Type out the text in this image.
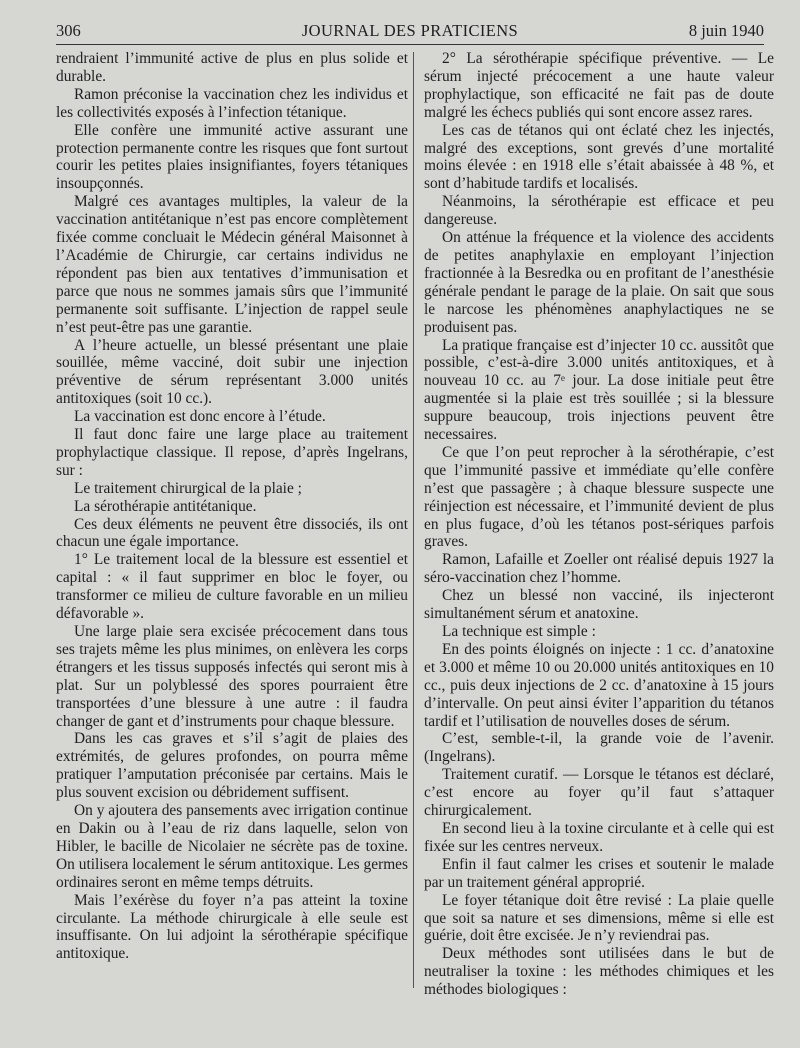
306	JOURNAL DES PRATICIENS	8 juin 1940

rendraient l’immunité active de plus en plus solide et durable.

Ramon préconise la vaccination chez les individus et les collectivités exposés à l’infection tétanique.

Elle confère une immunité active assurant une protection permanente contre les risques que font surtout courir les petites plaies insignifiantes, foyers tétaniques insoupçonnés.

Malgré ces avantages multiples, la valeur de la vaccination antitétanique n’est pas encore complètement fixée comme concluait le Médecin général Maisonnet à l’Académie de Chirurgie, car certains individus ne répondent pas bien aux tentatives d’immunisation et parce que nous ne sommes jamais sûrs que l’immunité permanente soit suffisante. L’injection de rappel seule n’est peut-être pas une garantie.

A l’heure actuelle, un blessé présentant une plaie souillée, même vacciné, doit subir une injection préventive de sérum représentant 3.000 unités antitoxiques (soit 10 cc.).

La vaccination est donc encore à l’étude.

Il faut donc faire une large place au traitement prophylactique classique. Il repose, d’après Ingelrans, sur :

Le traitement chirurgical de la plaie ;

La sérothérapie antitétanique.

Ces deux éléments ne peuvent être dissociés, ils ont chacun une égale importance.

1° Le traitement local de la blessure est essentiel et capital : « il faut supprimer en bloc le foyer, ou transformer ce milieu de culture favorable en un milieu défavorable ».

Une large plaie sera excisée précocement dans tous ses trajets même les plus minimes, on enlèvera les corps étrangers et les tissus supposés infectés qui seront mis à plat. Sur un polyblessé des spores pourraient être transportées d’une blessure à une autre : il faudra changer de gant et d’instruments pour chaque blessure.

Dans les cas graves et s’il s’agit de plaies des extrémités, de gelures profondes, on pourra même pratiquer l’amputation préconisée par certains. Mais le plus souvent excision ou débridement suffisent.

On y ajoutera des pansements avec irrigation continue en Dakin ou à l’eau de riz dans laquelle, selon von Hibler, le bacille de Nicolaier ne sécrète pas de toxine. On utilisera localement le sérum antitoxique. Les germes ordinaires seront en même temps détruits.

Mais l’exérèse du foyer n’a pas atteint la toxine circulante. La méthode chirurgicale à elle seule est insuffisante. On lui adjoint la sérothérapie spécifique antitoxique.

2° La sérothérapie spécifique préventive. — Le sérum injecté précocement a une haute valeur prophylactique, son efficacité ne fait pas de doute malgré les échecs publiés qui sont encore assez rares.

Les cas de tétanos qui ont éclaté chez les injectés, malgré des exceptions, sont grevés d’une mortalité moins élevée : en 1918 elle s’était abaissée à 48 %, et sont d’habitude tardifs et localisés.

Néanmoins, la sérothérapie est efficace et peu dangereuse.

On atténue la fréquence et la violence des accidents de petites anaphylaxie en employant l’injection fractionnée à la Besredka ou en profitant de l’anesthésie générale pendant le parage de la plaie. On sait que sous le narcose les phénomènes anaphylactiques ne se produisent pas.

La pratique française est d’injecter 10 cc. aussitôt que possible, c’est-à-dire 3.000 unités antitoxiques, et à nouveau 10 cc. au 7ᵉ jour. La dose initiale peut être augmentée si la plaie est très souillée ; si la blessure suppure beaucoup, trois injections peuvent être necessaires.

Ce que l’on peut reprocher à la sérothérapie, c’est que l’immunité passive et immédiate qu’elle confère n’est que passagère ; à chaque blessure suspecte une réinjection est nécessaire, et l’immunité devient de plus en plus fugace, d’où les tétanos post-sériques parfois graves.

Ramon, Lafaille et Zoeller ont réalisé depuis 1927 la séro-vaccination chez l’homme.

Chez un blessé non vacciné, ils injecteront simultanément sérum et anatoxine.

La technique est simple :

En des points éloignés on injecte : 1 cc. d’anatoxine et 3.000 et même 10 ou 20.000 unités antitoxiques en 10 cc., puis deux injections de 2 cc. d’anatoxine à 15 jours d’intervalle. On peut ainsi éviter l’apparition du tétanos tardif et l’utilisation de nouvelles doses de sérum.

C’est, semble-t-il, la grande voie de l’avenir. (Ingelrans).

Traitement curatif. — Lorsque le tétanos est déclaré, c’est encore au foyer qu’il faut s’attaquer chirurgicalement.

En second lieu à la toxine circulante et à celle qui est fixée sur les centres nerveux.

Enfin il faut calmer les crises et soutenir le malade par un traitement général approprié.

Le foyer tétanique doit être revisé : La plaie quelle que soit sa nature et ses dimensions, même si elle est guérie, doit être excisée. Je n’y reviendrai pas.

Deux méthodes sont utilisées dans le but de neutraliser la toxine : les méthodes chimiques et les méthodes biologiques :
